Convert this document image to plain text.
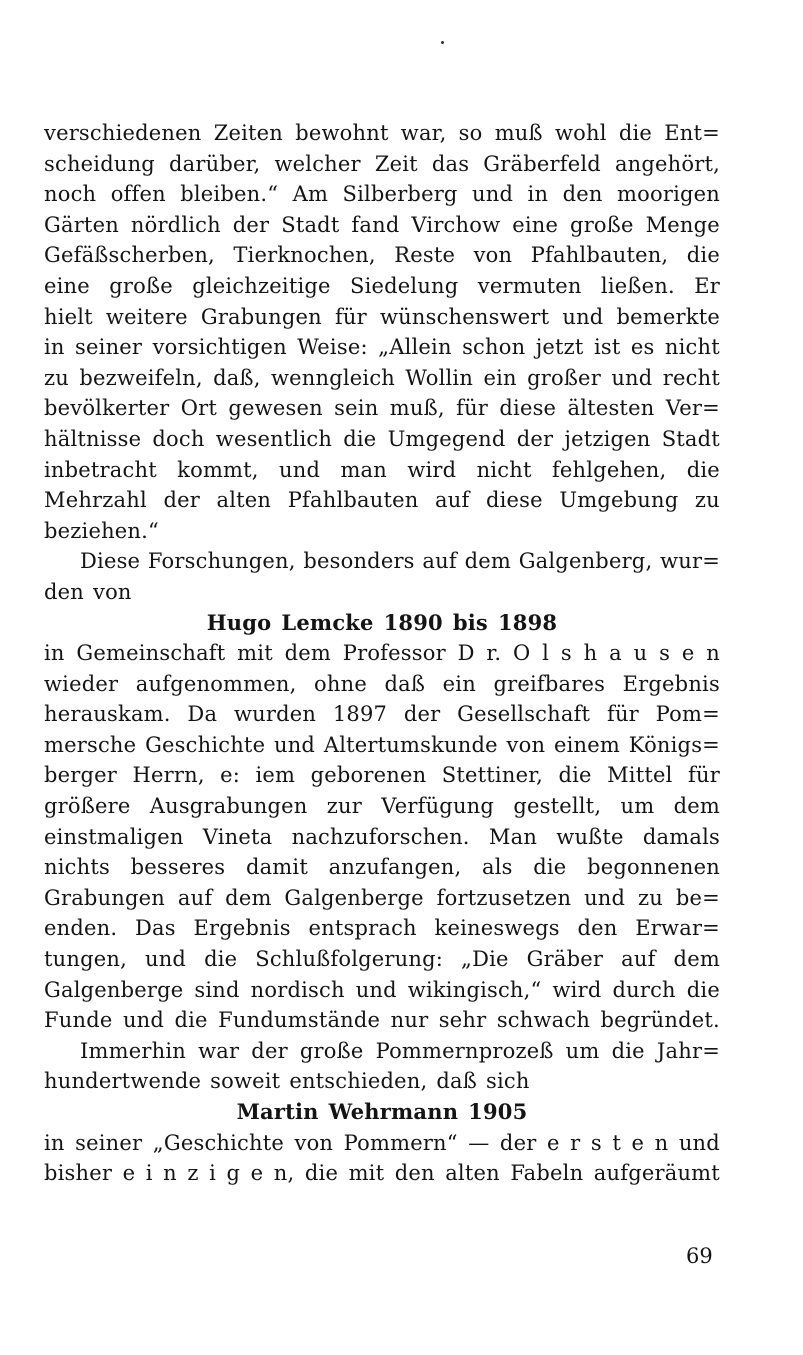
verschiedenen Zeiten bewohnt war, so muß wohl die Ent=
scheidung darüber, welcher Zeit das Gräberfeld angehört,
noch offen bleiben.“ Am Silberberg und in den moorigen
Gärten nördlich der Stadt fand Virchow eine große Menge
Gefäßscherben, Tierknochen, Reste von Pfahlbauten, die
eine große gleichzeitige Siedelung vermuten ließen. Er
hielt weitere Grabungen für wünschenswert und bemerkte
in seiner vorsichtigen Weise: „Allein schon jetzt ist es nicht
zu bezweifeln, daß, wenngleich Wollin ein großer und recht
bevölkerter Ort gewesen sein muß, für diese ältesten Ver=
hältnisse doch wesentlich die Umgegend der jetzigen Stadt
inbetracht kommt, und man wird nicht fehlgehen, die
Mehrzahl der alten Pfahlbauten auf diese Umgebung zu
beziehen.“
Diese Forschungen, besonders auf dem Galgenberg, wur=
den von
Hugo Lemcke 1890 bis 1898
in Gemeinschaft mit dem Professor D r. O l s h a u s e n
wieder aufgenommen, ohne daß ein greifbares Ergebnis
herauskam. Da wurden 1897 der Gesellschaft für Pom=
mersche Geschichte und Altertumskunde von einem Königs=
berger Herrn, e: iem geborenen Stettiner, die Mittel für
größere Ausgrabungen zur Verfügung gestellt, um dem
einstmaligen Vineta nachzuforschen. Man wußte damals
nichts besseres damit anzufangen, als die begonnenen
Grabungen auf dem Galgenberge fortzusetzen und zu be=
enden. Das Ergebnis entsprach keineswegs den Erwar=
tungen, und die Schlußfolgerung: „Die Gräber auf dem
Galgenberge sind nordisch und wikingisch,“ wird durch die
Funde und die Fundumstände nur sehr schwach begründet.
Immerhin war der große Pommernprozeß um die Jahr=
hundertwende soweit entschieden, daß sich
Martin Wehrmann 1905
in seiner „Geschichte von Pommern“ — der e r s t e n und
bisher e i n z i g e n, die mit den alten Fabeln aufgeräumt
69
